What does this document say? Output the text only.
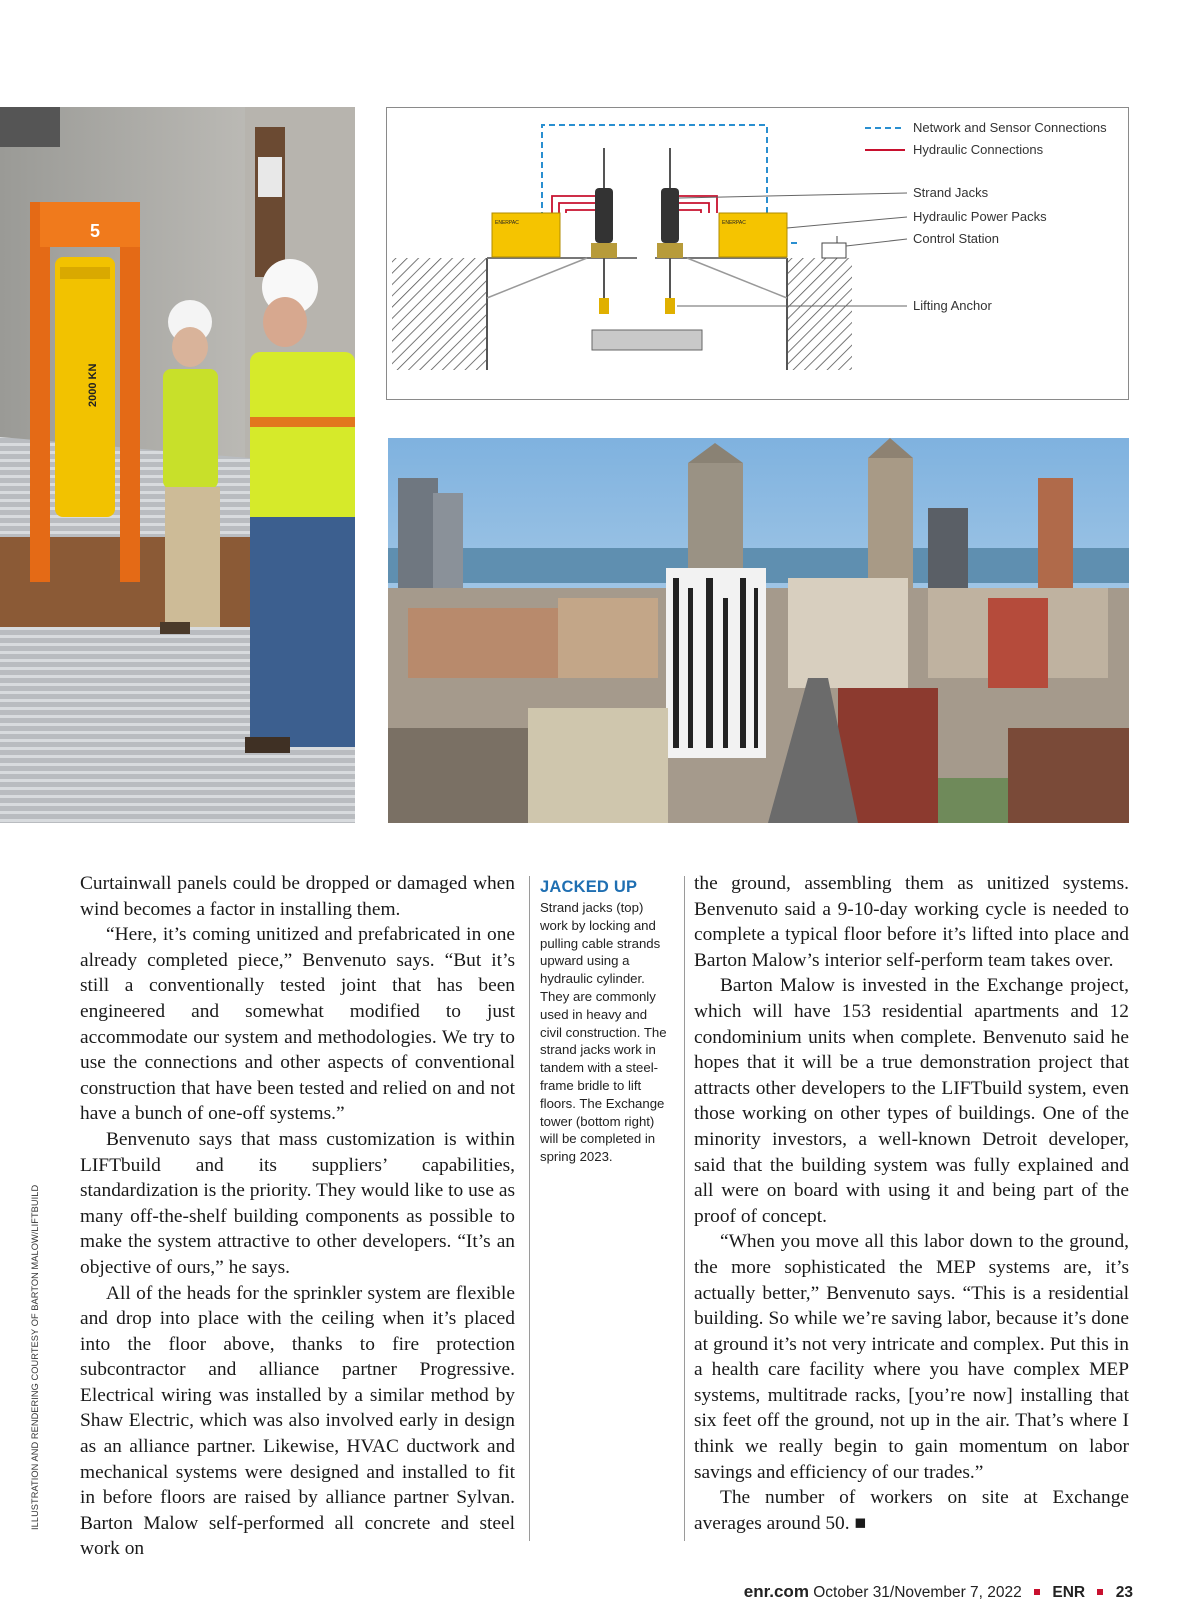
5
2000 KN
Network and Sensor Connections
Hydraulic Connections
ENERPAC	ENERPAC
Strand Jacks
Hydraulic Power Packs
Control Station
Lifting Anchor
ILLUSTRATION AND RENDERING COURTESY OF BARTON MALOW/LIFTBUILD

Curtainwall panels could be dropped or damaged when wind becomes a factor in installing them.

“Here, it’s coming unitized and prefabricated in one already completed piece,” Benvenuto says. “But it’s still a conventionally tested joint that has been engineered and somewhat modified to just accommodate our system and methodologies. We try to use the connections and other aspects of conventional construction that have been tested and relied on and not have a bunch of one-off systems.”

Benvenuto says that mass customization is within LIFTbuild and its suppliers’ capabilities, standardization is the priority. They would like to use as many off-the-shelf building components as possible to make the system attractive to other developers. “It’s an objective of ours,” he says.

All of the heads for the sprinkler system are flexible and drop into place with the ceiling when it’s placed into the floor above, thanks to fire protection subcontractor and alliance partner Progressive. Electrical wiring was installed by a similar method by Shaw Electric, which was also involved early in design as an alliance partner. Likewise, HVAC ductwork and mechanical systems were designed and installed to fit in before floors are raised by alliance partner Sylvan. Barton Malow self-performed all concrete and steel work on

JACKED UP

Strand jacks (top) work by locking and pulling cable strands upward using a hydraulic cylinder. They are commonly used in heavy and civil construction. The strand jacks work in tandem with a steel-frame bridle to lift floors. The Exchange tower (bottom right) will be completed in spring 2023.

the ground, assembling them as unitized systems. Benvenuto said a 9-10-day working cycle is needed to complete a typical floor before it’s lifted into place and Barton Malow’s interior self-perform team takes over.

Barton Malow is invested in the Exchange project, which will have 153 residential apartments and 12 condominium units when complete. Benvenuto said he hopes that it will be a true demonstration project that attracts other developers to the LIFTbuild system, even those working on other types of buildings. One of the minority investors, a well-known Detroit developer, said that the building system was fully explained and all were on board with using it and being part of the proof of concept.

“When you move all this labor down to the ground, the more sophisticated the MEP systems are, it’s actually better,” Benvenuto says. “This is a residential building. So while we’re saving labor, because it’s done at ground it’s not very intricate and complex. Put this in a health care facility where you have complex MEP systems, multitrade racks, [you’re now] installing that six feet off the ground, not up in the air. That’s where I think we really begin to gain momentum on labor savings and efficiency of our trades.”

The number of workers on site at Exchange averages around 50. ■

enr.com October 31/November 7, 2022 ENR 23
